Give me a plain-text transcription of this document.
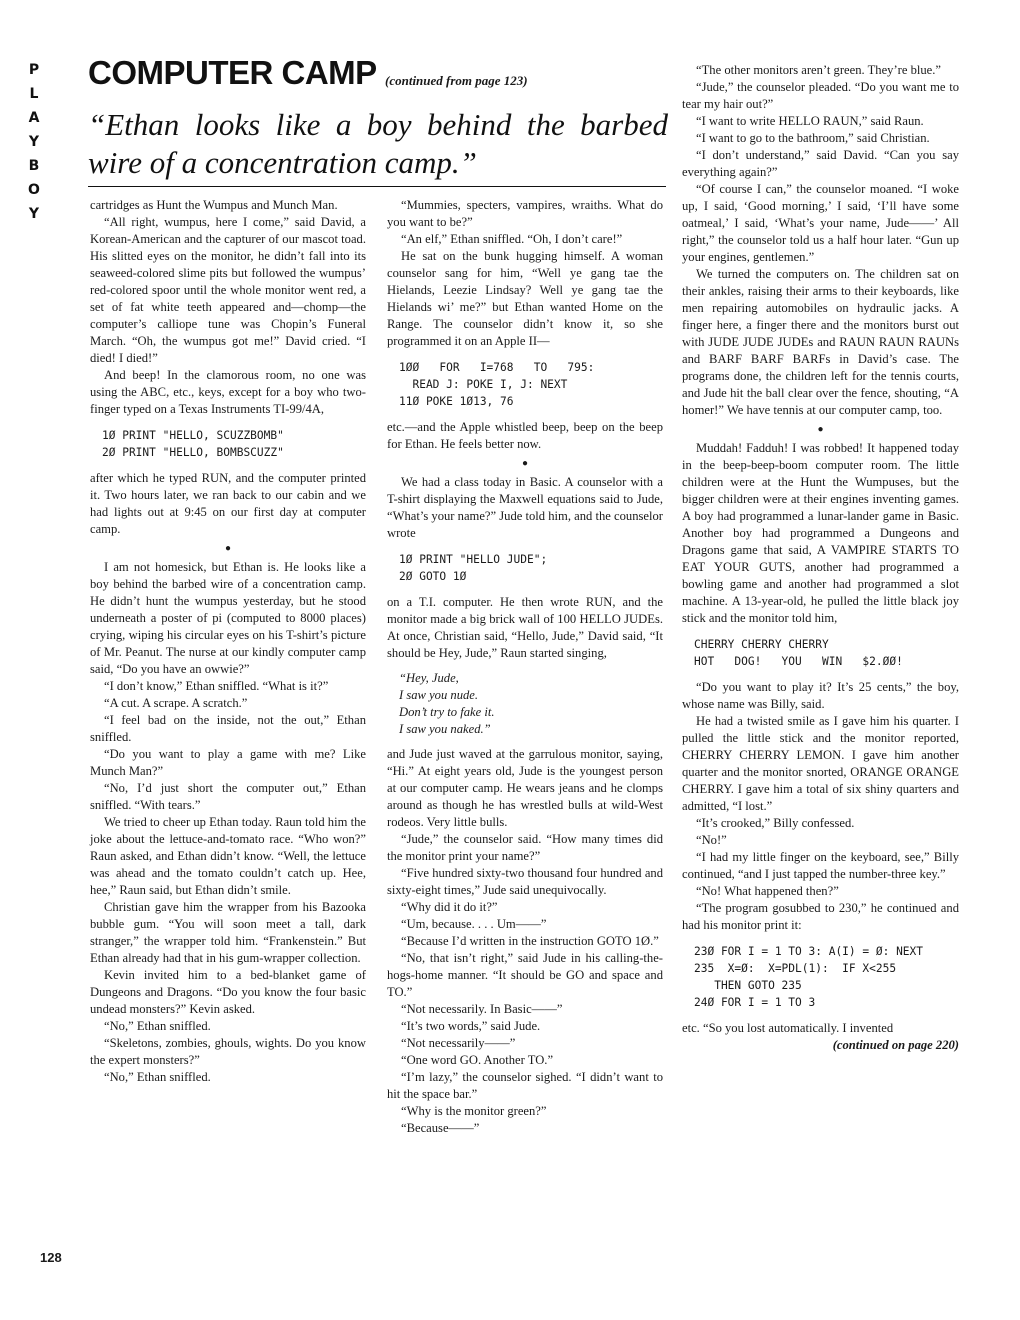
P
L
A
Y
B
O
Y
COMPUTER CAMP (continued from page 123)
“Ethan looks like a boy behind the barbed wire of a concentration camp.”

cartridges as Hunt the Wumpus and Munch Man.

“All right, wumpus, here I come,” said David, a Korean-American and the capturer of our mascot toad. His slitted eyes on the monitor, he didn’t fall into its seaweed-colored slime pits but followed the wumpus’ red-colored spoor until the whole monitor went red, a set of fat white teeth appeared and—chomp—the computer’s calliope tune was Chopin’s Funeral March. “Oh, the wumpus got me!” David cried. “I died! I died!”

And beep! In the clamorous room, no one was using the ABC, etc., keys, except for a boy who two-finger typed on a Texas Instruments TI-99/4A,

1Ø PRINT "HELLO, SCUZZBOMB"
2Ø PRINT "HELLO, BOMBSCUZZ"

after which he typed RUN, and the computer printed it. Two hours later, we ran back to our cabin and we had lights out at 9:45 on our first day at computer camp.

●

I am not homesick, but Ethan is. He looks like a boy behind the barbed wire of a concentration camp. He didn’t hunt the wumpus yesterday, but he stood underneath a poster of pi (computed to 8000 places) crying, wiping his circular eyes on his T-shirt’s picture of Mr. Peanut. The nurse at our kindly computer camp said, “Do you have an owwie?”

“I don’t know,” Ethan sniffled. “What is it?”

“A cut. A scrape. A scratch.”

“I feel bad on the inside, not the out,” Ethan sniffled.

“Do you want to play a game with me? Like Munch Man?”

“No, I’d just short the computer out,” Ethan sniffled. “With tears.”

We tried to cheer up Ethan today. Raun told him the joke about the lettuce-and-tomato race. “Who won?” Raun asked, and Ethan didn’t know. “Well, the lettuce was ahead and the tomato couldn’t catch up. Hee, hee,” Raun said, but Ethan didn’t smile.

Christian gave him the wrapper from his Bazooka bubble gum. “You will soon meet a tall, dark stranger,” the wrapper told him. “Frankenstein.” But Ethan already had that in his gum-wrapper collection.

Kevin invited him to a bed-blanket game of Dungeons and Dragons. “Do you know the four basic undead monsters?” Kevin asked.

“No,” Ethan sniffled.

“Skeletons, zombies, ghouls, wights. Do you know the expert monsters?”

“No,” Ethan sniffled.

“Mummies, specters, vampires, wraiths. What do you want to be?”

“An elf,” Ethan sniffled. “Oh, I don’t care!”

He sat on the bunk hugging himself. A woman counselor sang for him, “Well ye gang tae the Hielands, Leezie Lindsay? Well ye gang tae the Hielands wi’ me?” but Ethan wanted Home on the Range. The counselor didn’t know it, so she programmed it on an Apple II—

1ØØ   FOR   I=768   TO   795:
READ J: POKE I, J: NEXT
11Ø POKE 1Ø13, 76

etc.—and the Apple whistled beep, beep on the beep for Ethan. He feels better now.

●

We had a class today in Basic. A counselor with a T-shirt displaying the Maxwell equations said to Jude, “What’s your name?” Jude told him, and the counselor wrote

1Ø PRINT "HELLO JUDE";
2Ø GOTO 1Ø

on a T.I. computer. He then wrote RUN, and the monitor made a big brick wall of 100 HELLO JUDEs. At once, Christian said, “Hello, Jude,” David said, “It should be Hey, Jude,” Raun started singing,

“Hey, Jude,
I saw you nude.
Don’t try to fake it.
I saw you naked.”

and Jude just waved at the garrulous monitor, saying, “Hi.” At eight years old, Jude is the youngest person at our computer camp. He wears jeans and he clomps around as though he has wrestled bulls at wild-West rodeos. Very little bulls.

“Jude,” the counselor said. “How many times did the monitor print your name?”

“Five hundred sixty-two thousand four hundred and sixty-eight times,” Jude said unequivocally.

“Why did it do it?”

“Um, because. . . . Um——”

“Because I’d written in the instruction GOTO 1Ø.”

“No, that isn’t right,” said Jude in his calling-the-hogs-home manner. “It should be GO and space and TO.”

“Not necessarily. In Basic——”

“It’s two words,” said Jude.

“Not necessarily——”

“One word GO. Another TO.”

“I’m lazy,” the counselor sighed. “I didn’t want to hit the space bar.”

“Why is the monitor green?”

“Because——”

“The other monitors aren’t green. They’re blue.”

“Jude,” the counselor pleaded. “Do you want me to tear my hair out?”

“I want to write HELLO RAUN,” said Raun.

“I want to go to the bathroom,” said Christian.

“I don’t understand,” said David. “Can you say everything again?”

“Of course I can,” the counselor moaned. “I woke up, I said, ‘Good morning,’ I said, ‘I’ll have some oatmeal,’ I said, ‘What’s your name, Jude——’ All right,” the counselor told us a half hour later. “Gun up your engines, gentlemen.”

We turned the computers on. The children sat on their ankles, raising their arms to their keyboards, like men repairing automobiles on hydraulic jacks. A finger here, a finger there and the monitors burst out with JUDE JUDE JUDEs and RAUN RAUN RAUNs and BARF BARF BARFs in David’s case. The programs done, the children left for the tennis courts, and Jude hit the ball clear over the fence, shouting, “A homer!” We have tennis at our computer camp, too.

●

Muddah! Fadduh! I was robbed! It happened today in the beep-beep-boom computer room. The little children were at the Hunt the Wumpuses, but the bigger children were at their engines inventing games. A boy had programmed a lunar-lander game in Basic. Another boy had programmed a Dungeons and Dragons game that said, A VAMPIRE STARTS TO EAT YOUR GUTS, another had programmed a bowling game and another had programmed a slot machine. A 13-year-old, he pulled the little black joy stick and the monitor told him,

CHERRY CHERRY CHERRY
HOT   DOG!   YOU   WIN   $2.ØØ!

“Do you want to play it? It’s 25 cents,” the boy, whose name was Billy, said.

He had a twisted smile as I gave him his quarter. I pulled the little stick and the monitor reported, CHERRY CHERRY LEMON. I gave him another quarter and the monitor snorted, ORANGE ORANGE CHERRY. I gave him a total of six shiny quarters and admitted, “I lost.”

“It’s crooked,” Billy confessed.

“No!”

“I had my little finger on the keyboard, see,” Billy continued, “and I just tapped the number-three key.”

“No! What happened then?”

“The program gosubbed to 230,” he continued and had his monitor print it:

23Ø FOR I = 1 TO 3: A(I) = Ø: NEXT
235  X=Ø:  X=PDL(1):  IF X<255
THEN GOTO 235
24Ø FOR I = 1 TO 3

etc. “So you lost automatically. I invented

(continued on page 220)

128
